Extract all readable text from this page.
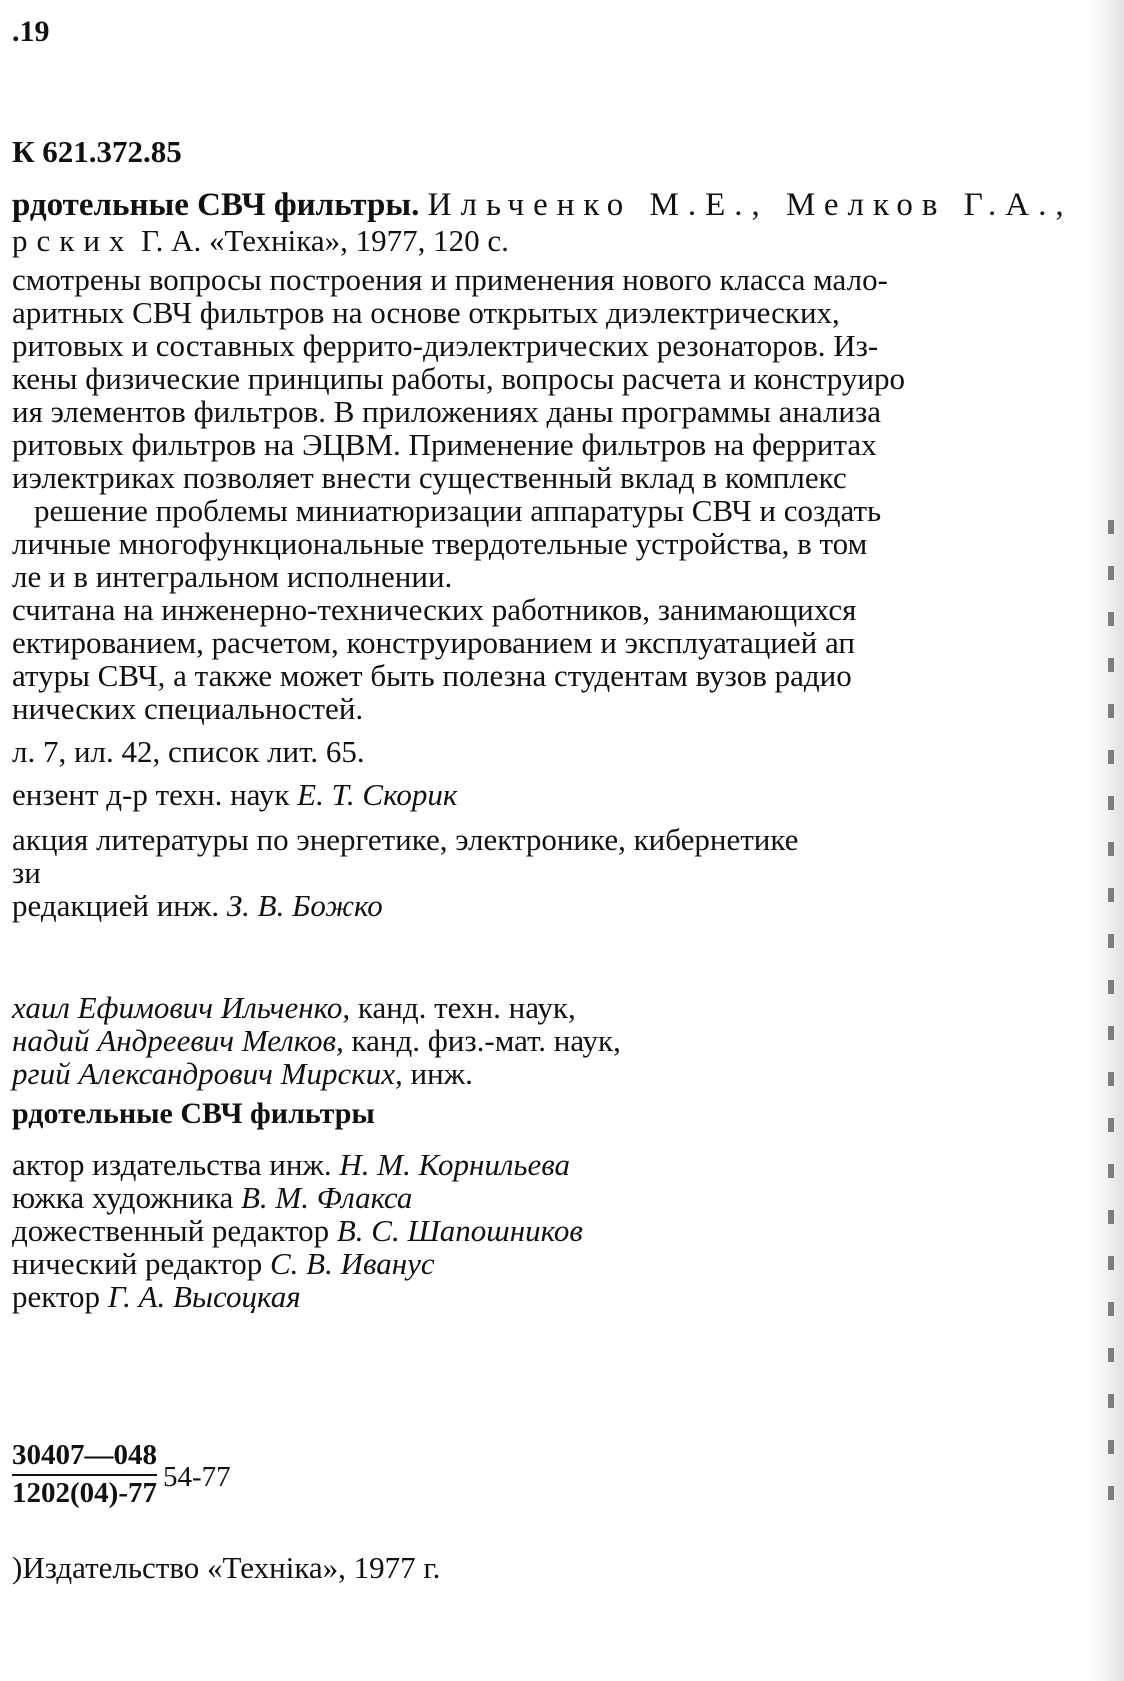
.19
К 621.372.85
рдотельные СВЧ фильтры. Ильченко М.Е., Мелков Г.А.,
рских Г. А. «Техніка», 1977, 120 с.
смотрены вопросы построения и применения нового класса мало-
аритных СВЧ фильтров на основе открытых диэлектрических,
ритовых и составных феррито-диэлектрических резонаторов. Из-
кены физические принципы работы, вопросы расчета и конструиро
ия элементов фильтров. В приложениях даны программы анализа
ритовых фильтров на ЭЦВМ. Применение фильтров на ферритах
иэлектриках позволяет внести существенный вклад в комплекс
решение проблемы миниатюризации аппаратуры СВЧ и создать
личные многофункциональные твердотельные устройства, в том
ле и в интегральном исполнении.
считана на инженерно-технических работников, занимающихся
ектированием, расчетом, конструированием и эксплуатацией ап
атуры СВЧ, а также может быть полезна студентам вузов радио
нических специальностей.
л. 7, ил. 42, список лит. 65.
ензент д-р техн. наук Е. Т. Скорик
акция литературы по энергетике, электронике, кибернетике
зи
редакцией инж. З. В. Божко
хаил Ефимович Ильченко, канд. техн. наук,
надий Андреевич Мелков, канд. физ.-мат. наук,
ргий Александрович Мирских, инж.
рдотельные СВЧ фильтры
актор издательства инж. Н. М. Корнильева
южка художника В. М. Флакса
дожественный редактор В. С. Шапошников
нический редактор С. В. Иванус
ректор Г. А. Высоцкая
$\frac{30407—048}{1202(04)-77} 54-77$
)Издательство «Техніка», 1977 г.
